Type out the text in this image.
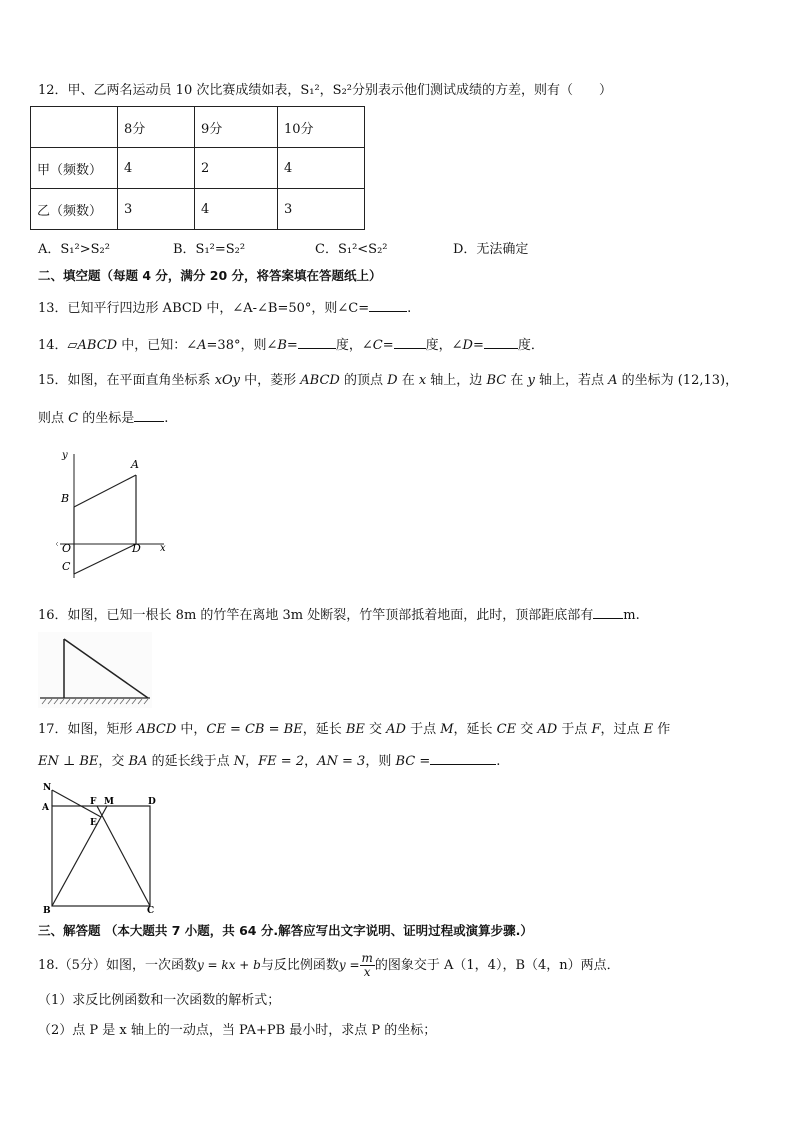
12．甲、乙两名运动员 10 次比赛成绩如表，S₁²，S₂²分别表示他们测试成绩的方差，则有（　　）
	8分	9分	10分
甲（频数）	4	2	4
乙（频数）	3	4	3
A．S₁²>S₂²	B．S₁²=S₂²	C．S₁²<S₂²	D．无法确定
二、填空题（每题 4 分，满分 20 分，将答案填在答题纸上）
13．已知平行四边形 ABCD 中，∠A-∠B=50°，则∠C=	.
14．▱ABCD 中，已知：∠A=38°，则∠B=	度，∠C= 度，∠D=	度．
15．如图，在平面直角坐标系 xOy 中，菱形 ABCD 的顶点 D 在 x 轴上，边 BC 在 y 轴上，若点 A 的坐标为 (12,13)，
则点 C 的坐标是 .
y
x
A
B
O	D
C
16．如图，已知一根长 8m 的竹竿在离地 3m 处断裂，竹竿顶部抵着地面，此时，顶部距底部有 m.
17．如图，矩形 ABCD 中，CE = CB = BE，延长 BE 交 AD 于点 M，延长 CE 交 AD 于点 F，过点 E 作
EN ⊥ BE，交 BA 的延长线于点 N，FE = 2，AN = 3，则 BC =	.
N
A
F M	D
E
B	C
三、解答题 （本大题共 7 小题，共 64 分.解答应写出文字说明、证明过程或演算步骤.）
18.（5分）如图，一次函数y = kx + b与反比例函数$y = \frac{m}{x}$ 的图象交于 A（1，4），B（4，n）两点．
（1）求反比例函数和一次函数的解析式；
（2）点 P 是 x 轴上的一动点，当 PA+PB 最小时，求点 P 的坐标；
